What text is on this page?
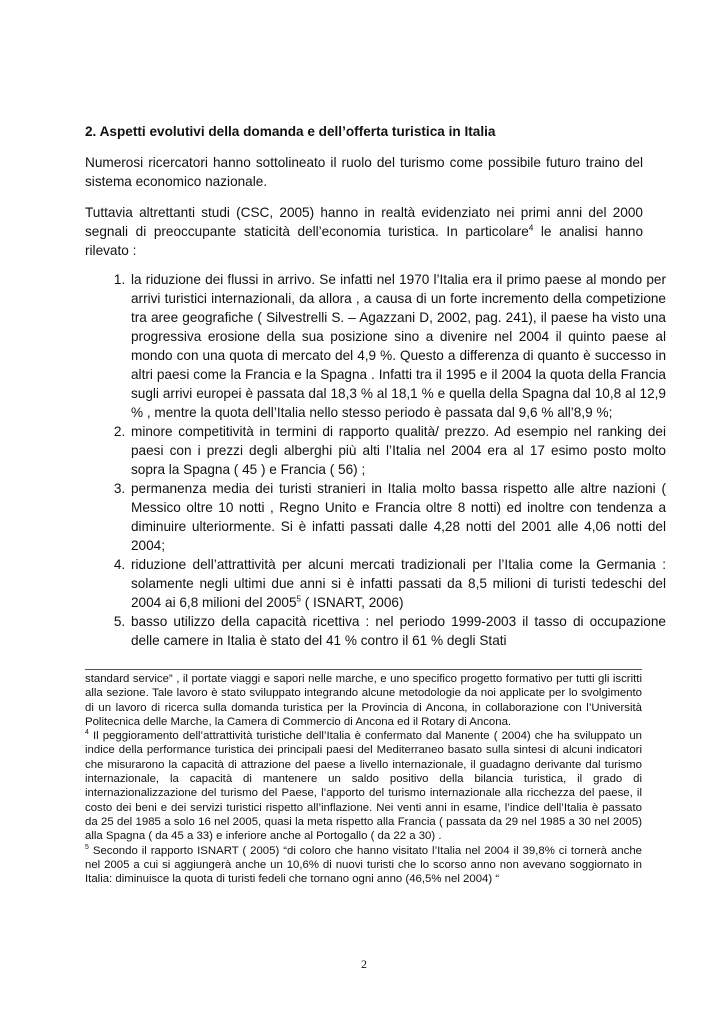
2. Aspetti evolutivi della domanda e dell’offerta turistica in Italia

Numerosi ricercatori hanno sottolineato il ruolo del turismo come possibile futuro traino del sistema economico nazionale.

Tuttavia altrettanti studi (CSC, 2005) hanno in realtà evidenziato nei primi anni del 2000 segnali di preoccupante staticità dell’economia turistica. In particolare$^4$ le analisi hanno rilevato :

1. la riduzione dei flussi in arrivo. Se infatti nel 1970 l’Italia era il primo paese al mondo per arrivi turistici internazionali, da allora , a causa di un forte incremento della competizione tra aree geografiche ( Silvestrelli S. – Agazzani D, 2002, pag. 241), il paese ha visto una progressiva erosione della sua posizione sino a divenire nel 2004 il quinto paese al mondo con una quota di mercato del 4,9 %. Questo a differenza di quanto è successo in altri paesi come la Francia e la Spagna . Infatti tra il 1995 e il 2004 la quota della Francia sugli arrivi europei è passata dal 18,3 % al 18,1 % e quella della Spagna dal 10,8 al 12,9 % , mentre la quota dell’Italia nello stesso periodo è passata dal 9,6 % all’8,9 %;
2. minore competitività in termini di rapporto qualità/ prezzo. Ad esempio nel ranking dei paesi con i prezzi degli alberghi più alti l’Italia nel 2004 era al 17 esimo posto molto sopra la Spagna ( 45 ) e Francia ( 56) ;
3. permanenza media dei turisti stranieri in Italia molto bassa rispetto alle altre nazioni ( Messico oltre 10 notti , Regno Unito e Francia oltre 8 notti) ed inoltre con tendenza a diminuire ulteriormente. Si è infatti passati dalle 4,28 notti del 2001 alle 4,06 notti del 2004;
4. riduzione dell’attrattività per alcuni mercati tradizionali per l’Italia come la Germania : solamente negli ultimi due anni si è infatti passati da 8,5 milioni di turisti tedeschi del 2004 ai 6,8 milioni del 2005$^5$ ( ISNART, 2006)
5. basso utilizzo della capacità ricettiva : nel periodo 1999-2003 il tasso di occupazione delle camere in Italia è stato del 41 % contro il 61 % degli Stati

standard service” , il portate viaggi e sapori nelle marche, e uno specifico progetto formativo per tutti gli iscritti alla sezione. Tale lavoro è stato sviluppato integrando alcune metodologie da noi applicate per lo svolgimento di un lavoro di ricerca sulla domanda turistica per la Provincia di Ancona, in collaborazione con l’Università Politecnica delle Marche, la Camera di Commercio di Ancona ed il Rotary di Ancona.

$^4$ Il peggioramento dell’attrattività turistiche dell’Italia è confermato dal Manente ( 2004) che ha sviluppato un indice della performance turistica dei principali paesi del Mediterraneo basato sulla sintesi di alcuni indicatori che misurarono la capacità di attrazione del paese a livello internazionale, il guadagno derivante dal turismo internazionale, la capacità di mantenere un saldo positivo della bilancia turistica, il grado di internazionalizzazione del turismo del Paese, l’apporto del turismo internazionale alla ricchezza del paese, il costo dei beni e dei servizi turistici rispetto all’inflazione. Nei venti anni in esame, l’indice dell’Italia è passato da 25 del 1985 a solo 16 nel 2005, quasi la meta rispetto alla Francia ( passata da 29 nel 1985 a 30 nel 2005) alla Spagna ( da 45 a 33) e inferiore anche al Portogallo ( da 22 a 30) .

$^5$ Secondo il rapporto ISNART ( 2005) “di coloro che hanno visitato l’Italia nel 2004 il 39,8% ci tornerà anche nel 2005 a cui si aggiungerà anche un 10,6% di nuovi turisti che lo scorso anno non avevano soggiornato in Italia: diminuisce la quota di turisti fedeli che tornano ogni anno (46,5% nel 2004) “

2
